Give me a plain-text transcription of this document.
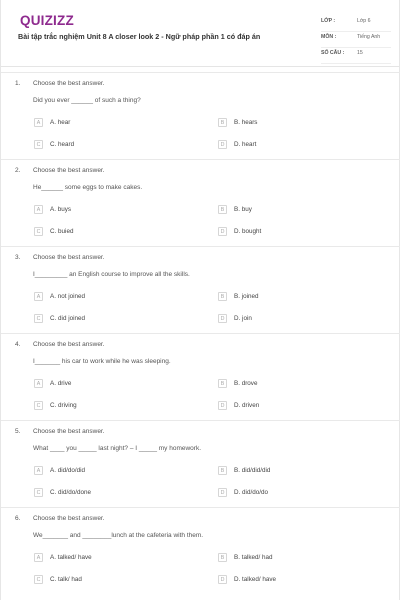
QUIZIZZ
Bài tập trắc nghiệm Unit 8 A closer look 2 - Ngữ pháp phần 1 có đáp án
LỚP :	Lớp 6
MÔN :	Tiếng Anh
SỐ CÂU : 15
1. Choose the best answer.
Did you ever ______ of such a thing?
A	A. hear	B	B. hears
C	C. heard	D	D. heart
2. Choose the best answer.
He______ some eggs to make cakes.
A	A. buys	B	B. buy
C	C. buied	D	D. bought
3. Choose the best answer.
I_________ an English course to improve all the skills.
A	A. not joined	B	B. joined
C	C. did joined	D	D. join
4. Choose the best answer.
I_______ his car to work while he was sleeping.
A	A. drive	B	B. drove
C	C. driving	D	D. driven
5. Choose the best answer.
What ____ you _____ last night? – I _____ my homework.
A	A. did/do/did	B	B. did/did/did
C	C. did/do/done	D	D. did/do/do
6. Choose the best answer.
We_______ and ________lunch at the cafeteria with them.
A	A. talked/ have	B	B. talked/ had
C	C. talk/ had	D	D. talked/ have
